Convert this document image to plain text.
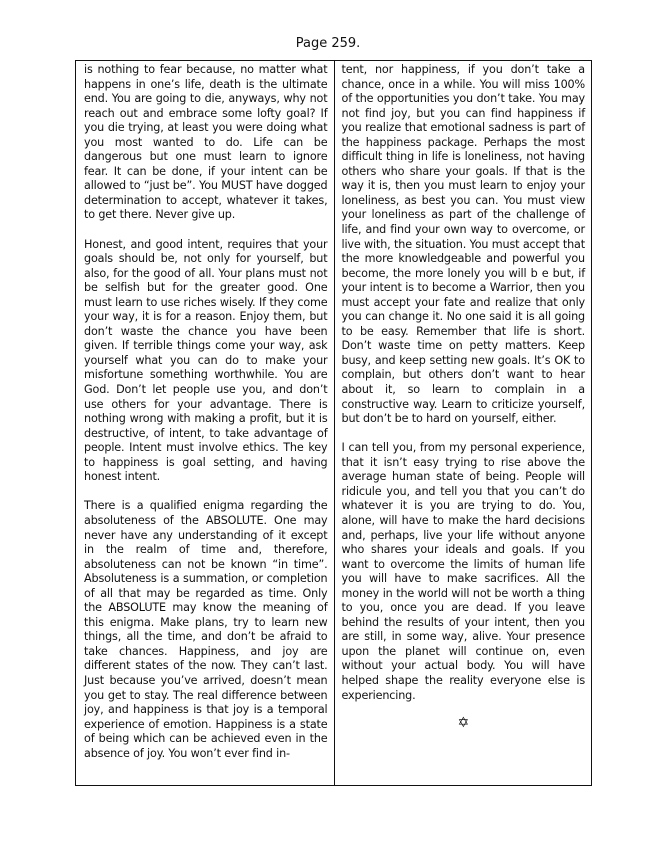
Page 259.

is nothing to fear because, no matter what happens in one’s life, death is the ultimate end. You are going to die, anyways, why not reach out and embrace some lofty goal? If you die trying, at least you were doing what you most wanted to do. Life can be dangerous but one must learn to ignore fear. It can be done, if your intent can be allowed to “just be”. You MUST have dogged determination to accept, whatever it takes, to get there. Never give up.

Honest, and good intent, requires that your goals should be, not only for yourself, but also, for the good of all. Your plans must not be selfish but for the greater good. One must learn to use riches wisely. If they come your way, it is for a reason. Enjoy them, but don’t waste the chance you have been given. If terrible things come your way, ask yourself what you can do to make your misfortune something worthwhile. You are God. Don’t let people use you, and don’t use others for your advantage. There is nothing wrong with making a profit, but it is destructive, of intent, to take advantage of people. Intent must involve ethics. The key to happiness is goal setting, and having honest intent.

There is a qualified enigma regarding the absoluteness of the ABSOLUTE. One may never have any understanding of it except in the realm of time and, therefore, absoluteness can not be known “in time”. Absoluteness is a summation, or completion of all that may be regarded as time. Only the ABSOLUTE may know the meaning of this enigma. Make plans, try to learn new things, all the time, and don’t be afraid to take chances. Happiness, and joy are different states of the now. They can’t last. Just because you’ve arrived, doesn’t mean you get to stay. The real difference between joy, and happiness is that joy is a temporal experience of emotion. Happiness is a state of being which can be achieved even in the absence of joy. You won’t ever find in-

tent, nor happiness, if you don’t take a chance, once in a while. You will miss 100% of the opportunities you don’t take. You may not find joy, but you can find happiness if you realize that emotional sadness is part of the happiness package. Perhaps the most difficult thing in life is loneliness, not having others who share your goals. If that is the way it is, then you must learn to enjoy your loneliness, as best you can. You must view your loneliness as part of the challenge of life, and find your own way to overcome, or live with, the situation. You must accept that the more knowledgeable and powerful you become, the more lonely you will b e but, if your intent is to become a Warrior, then you must accept your fate and realize that only you can change it. No one said it is all going to be easy. Remember that life is short. Don’t waste time on petty matters. Keep busy, and keep setting new goals. It’s OK to complain, but others don’t want to hear about it, so learn to complain in a constructive way. Learn to criticize yourself, but don’t be to hard on yourself, either.

I can tell you, from my personal experience, that it isn’t easy trying to rise above the average human state of being. People will ridicule you, and tell you that you can’t do whatever it is you are trying to do. You, alone, will have to make the hard decisions and, perhaps, live your life without anyone who shares your ideals and goals. If you want to overcome the limits of human life you will have to make sacrifices. All the money in the world will not be worth a thing to you, once you are dead. If you leave behind the results of your intent, then you are still, in some way, alive. Your presence upon the planet will continue on, even without your actual body. You will have helped shape the reality everyone else is experiencing.

✡
